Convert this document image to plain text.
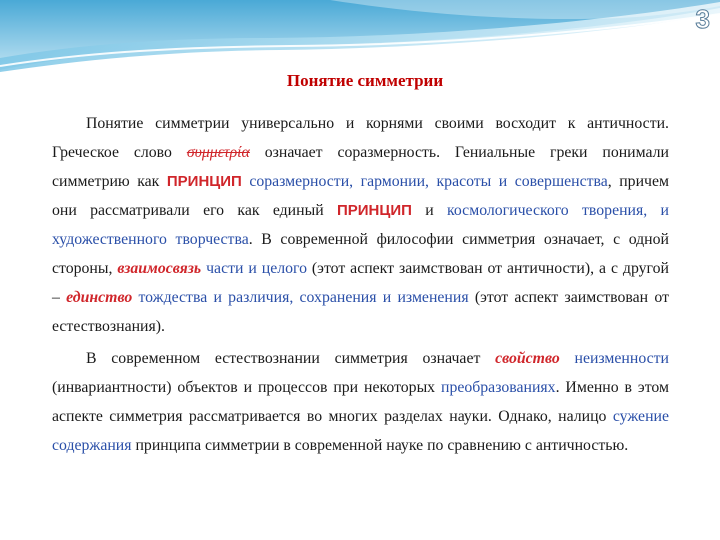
3
Понятие симметрии

Понятие симметрии универсально и корнями своими восходит к античности. Греческое слово συμμετρία означает соразмерность. Гениальные греки понимали симметрию как ПРИНЦИП соразмерности, гармонии, красоты и совершенства, причем они рассматривали его как единый ПРИНЦИП и космологического творения, и художественного творчества. В современной философии симметрия означает, с одной стороны, взаимосвязь части и целого (этот аспект заимствован от античности), а с другой – единство тождества и различия, сохранения и изменения (этот аспект заимствован от естествознания).

В современном естествознании симметрия означает свойство неизменности (инвариантности) объектов и процессов при некоторых преобразованиях. Именно в этом аспекте симметрия рассматривается во многих разделах науки. Однако, налицо сужение содержания принципа симметрии в современной науке по сравнению с античностью.
